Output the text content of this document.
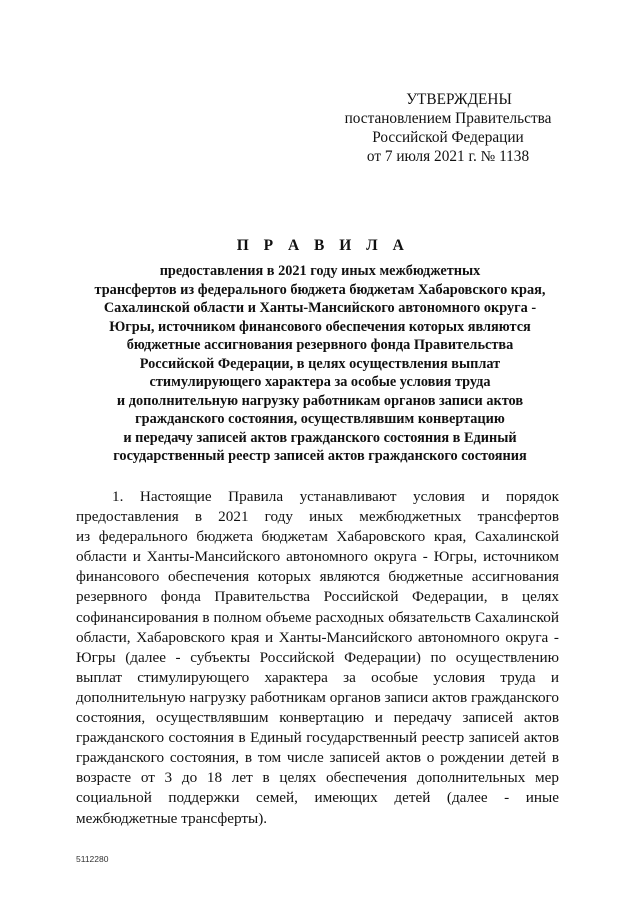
УТВЕРЖДЕНЫ
постановлением Правительства
Российской Федерации
от 7 июля 2021 г. № 1138
П Р А В И Л А
предоставления в 2021 году иных межбюджетных
трансфертов из федерального бюджета бюджетам Хабаровского края,
Сахалинской области и Ханты-Мансийского автономного округа -
Югры, источником финансового обеспечения которых являются
бюджетные ассигнования резервного фонда Правительства
Российской Федерации, в целях осуществления выплат
стимулирующего характера за особые условия труда
и дополнительную нагрузку работникам органов записи актов
гражданского состояния, осуществлявшим конвертацию
и передачу записей актов гражданского состояния в Единый
государственный реестр записей актов гражданского состояния
1. Настоящие Правила устанавливают условия и порядок
предоставления в 2021 году иных межбюджетных трансфертов
из федерального бюджета бюджетам Хабаровского края, Сахалинской
области и Ханты-Мансийского автономного округа - Югры, источником
финансового обеспечения которых являются бюджетные ассигнования
резервного фонда Правительства Российской Федерации, в целях
софинансирования в полном объеме расходных обязательств Сахалинской
области, Хабаровского края и Ханты-Мансийского автономного округа -
Югры (далее - субъекты Российской Федерации) по осуществлению
выплат стимулирующего характера за особые условия труда и
дополнительную нагрузку работникам органов записи актов гражданского
состояния, осуществлявшим конвертацию и передачу записей актов
гражданского состояния в Единый государственный реестр записей актов
гражданского состояния, в том числе записей актов о рождении детей в
возрасте от 3 до 18 лет в целях обеспечения дополнительных мер
социальной поддержки семей, имеющих детей (далее - иные
межбюджетные трансферты).
5112280
